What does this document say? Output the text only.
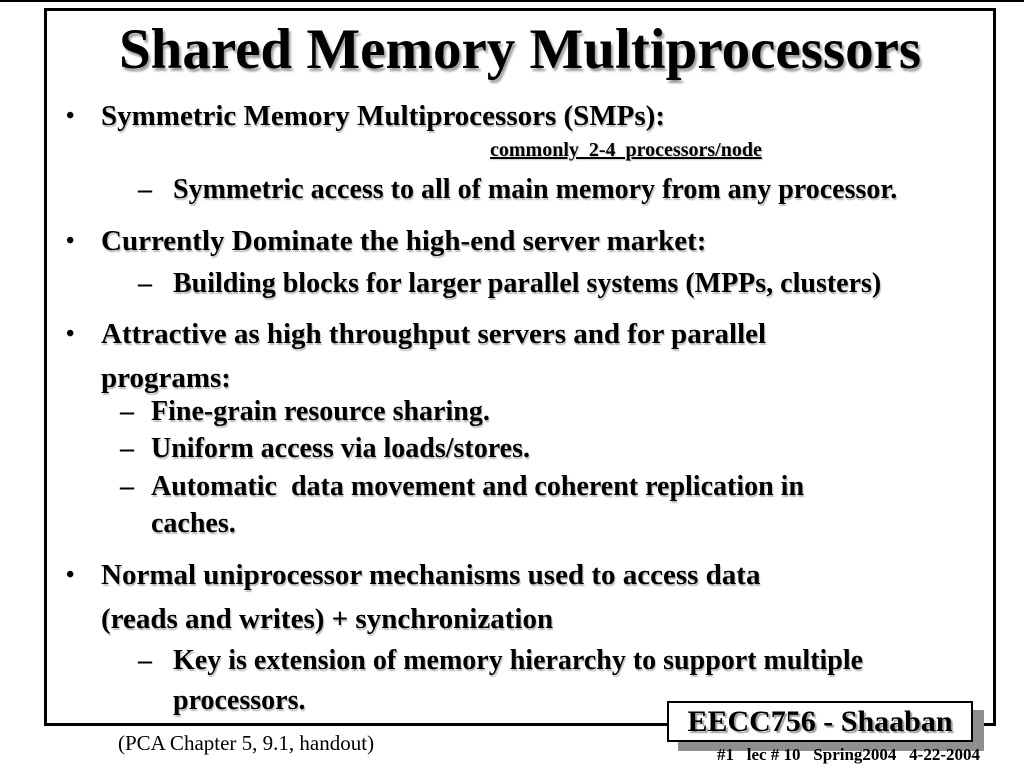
Shared Memory Multiprocessors
• Symmetric Memory Multiprocessors (SMPs):
commonly  2-4  processors/node
– Symmetric access to all of main memory from any processor.
• Currently Dominate the high-end server market:
– Building blocks for larger parallel systems (MPPs, clusters)
• Attractive as high throughput servers and for parallel
programs:
– Fine-grain resource sharing.
– Uniform access via loads/stores.
– Automatic  data movement and coherent replication in
caches.
• Normal uniprocessor mechanisms used to access data
(reads and writes) + synchronization
– Key is extension of memory hierarchy to support multiple
processors.
(PCA Chapter 5, 9.1, handout)
EECC756 - Shaaban
#1   lec # 10   Spring2004   4-22-2004
